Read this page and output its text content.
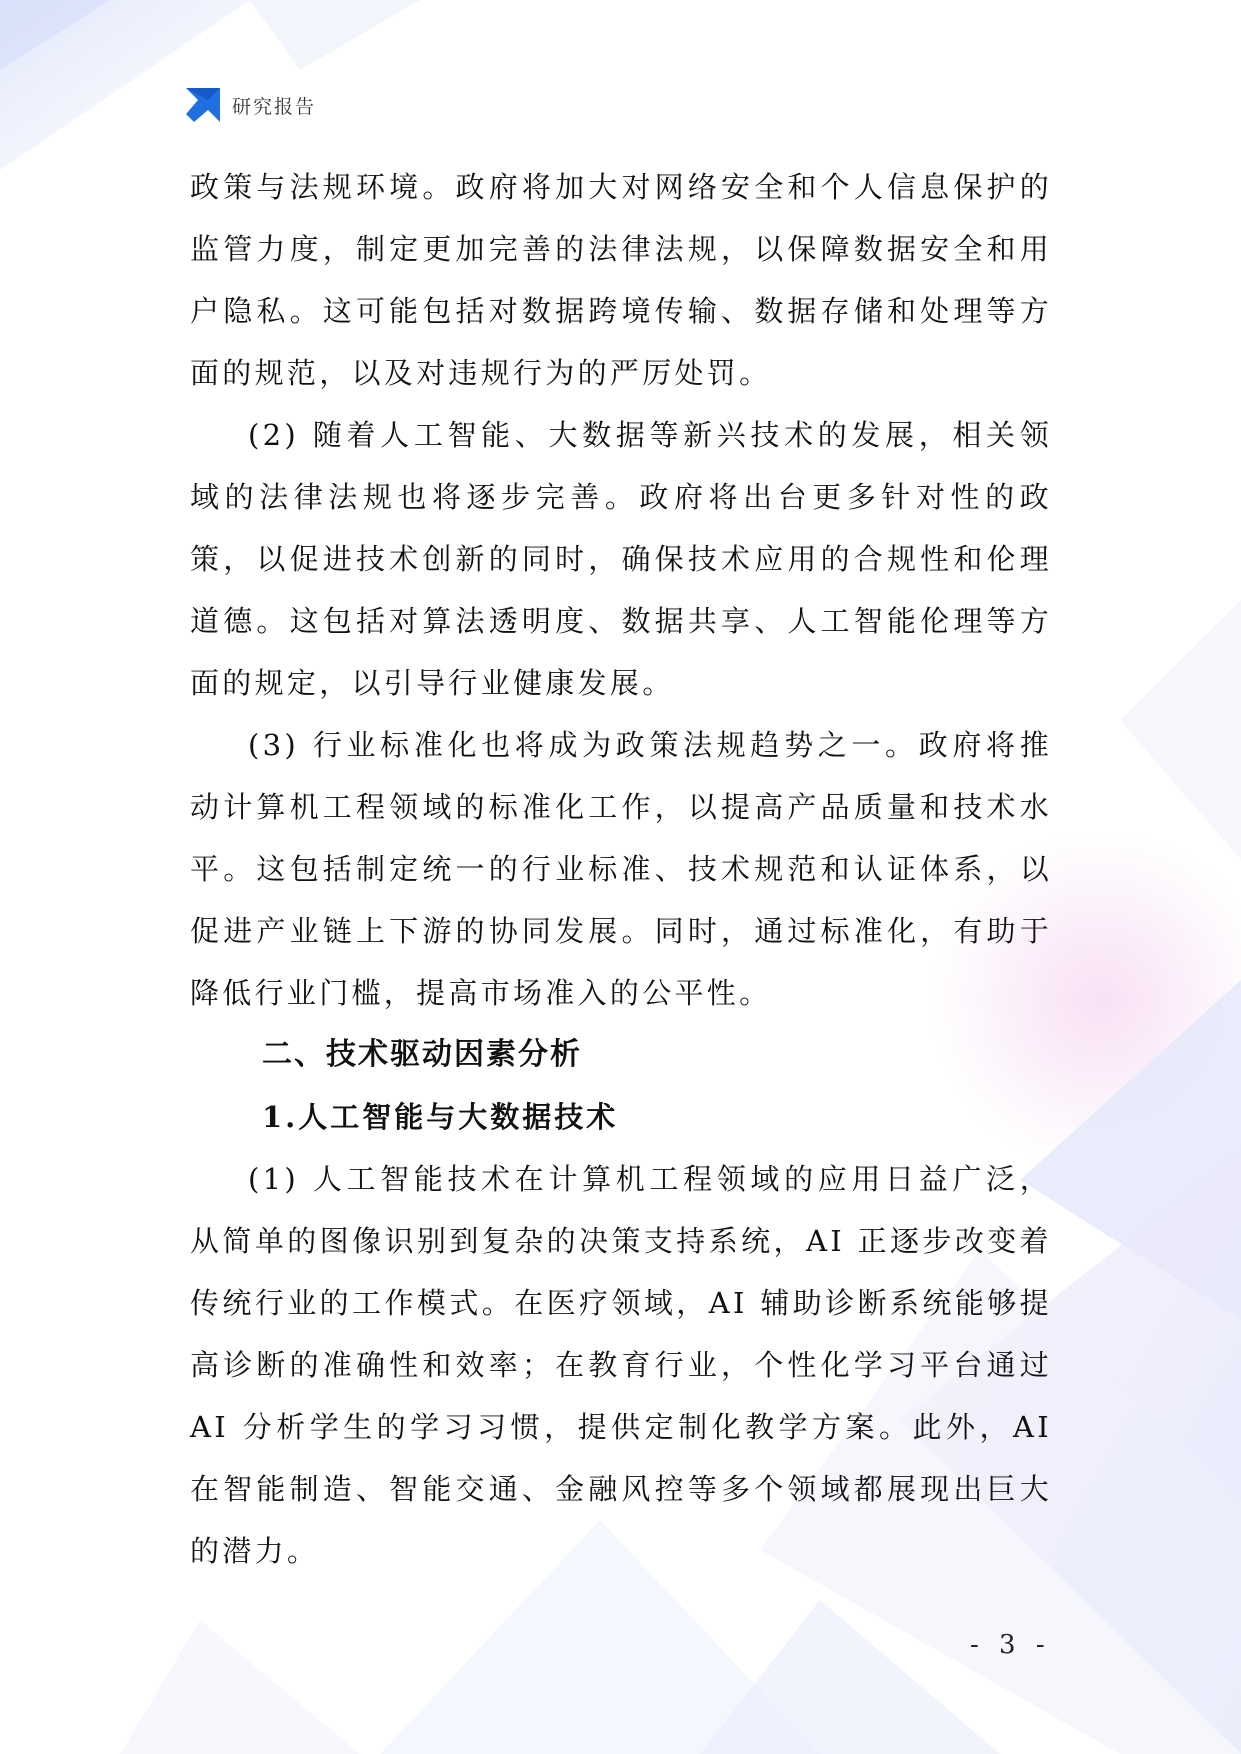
研究报告

政策与法规环境。政府将加大对网络安全和个人信息保护的监管力度，制定更加完善的法律法规，以保障数据安全和用户隐私。这可能包括对数据跨境传输、数据存储和处理等方面的规范，以及对违规行为的严厉处罚。

(2) 随着人工智能、大数据等新兴技术的发展，相关领域的法律法规也将逐步完善。政府将出台更多针对性的政策，以促进技术创新的同时，确保技术应用的合规性和伦理道德。这包括对算法透明度、数据共享、人工智能伦理等方面的规定，以引导行业健康发展。

(3) 行业标准化也将成为政策法规趋势之一。政府将推动计算机工程领域的标准化工作，以提高产品质量和技术水平。这包括制定统一的行业标准、技术规范和认证体系，以促进产业链上下游的协同发展。同时，通过标准化，有助于降低行业门槛，提高市场准入的公平性。

二、技术驱动因素分析
1.人工智能与大数据技术

(1) 人工智能技术在计算机工程领域的应用日益广泛，从简单的图像识别到复杂的决策支持系统，AI 正逐步改变着传统行业的工作模式。在医疗领域，AI 辅助诊断系统能够提高诊断的准确性和效率；在教育行业，个性化学习平台通过 AI 分析学生的学习习惯，提供定制化教学方案。此外，AI 在智能制造、智能交通、金融风控等多个领域都展现出巨大的潜力。

- 3 -
